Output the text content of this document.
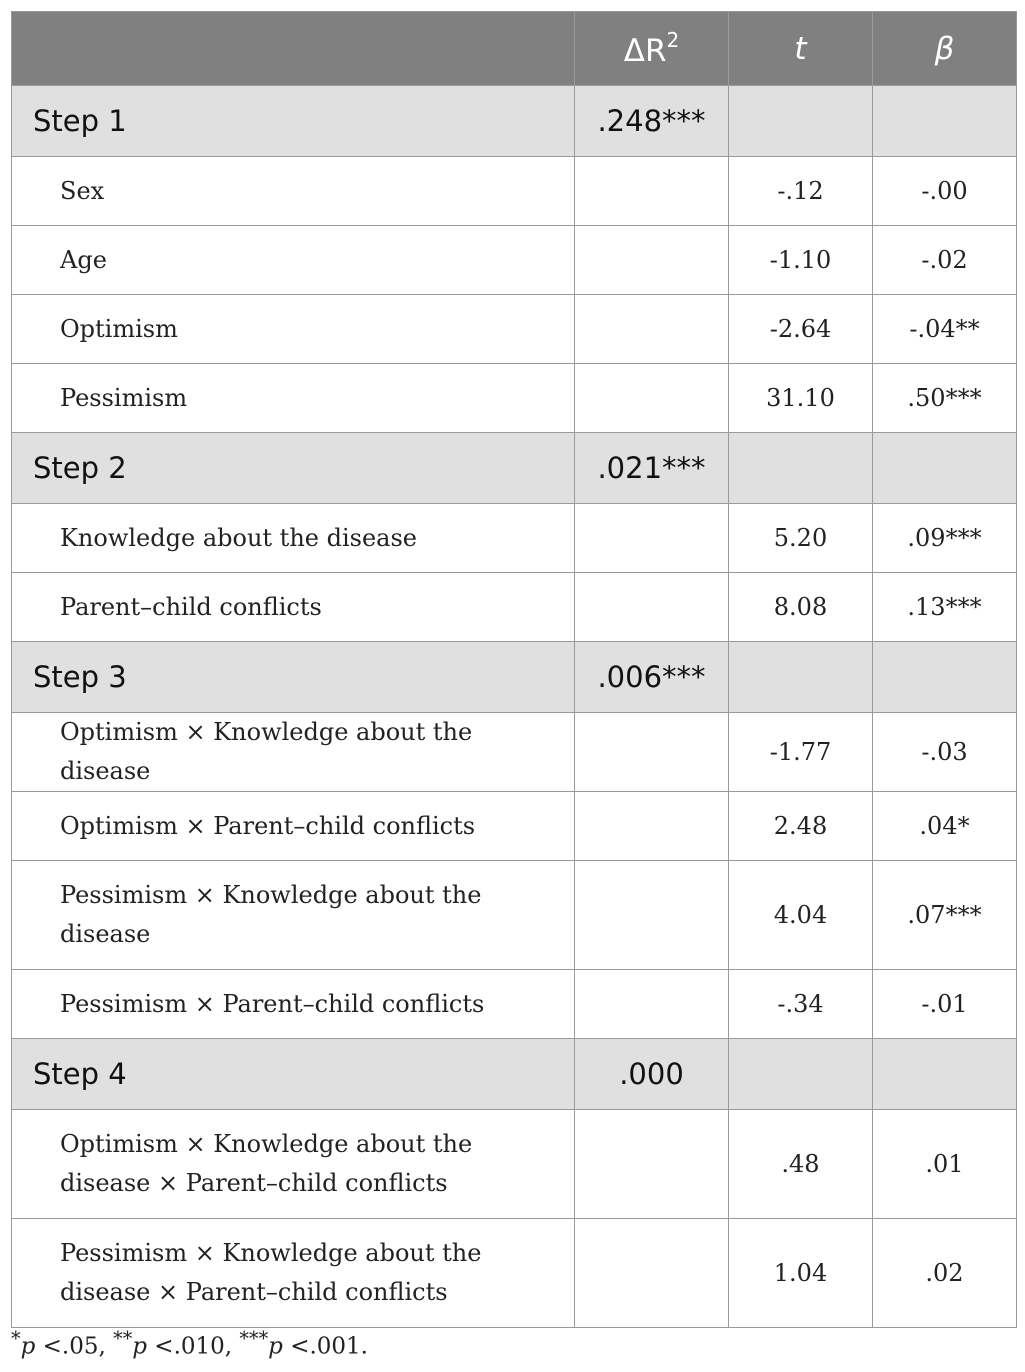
	$\Delta R^2$	t	β
Step 1	.248***		
Sex		-.12	-.00
Age		-1.10	-.02
Optimism		-2.64	-.04**
Pessimism		31.10	.50***
Step 2	.021***		
Knowledge about the disease		5.20	.09***
Parent–child conflicts		8.08	.13***
Step 3	.006***		
Optimism × Knowledge about the disease		-1.77	-.03
Optimism × Parent–child conflicts		2.48	.04*
Pessimism × Knowledge about the disease		4.04	.07***
Pessimism × Parent–child conflicts		-.34	-.01
Step 4	.000		
Optimism × Knowledge about the disease × Parent–child conflicts		.48	.01
Pessimism × Knowledge about the disease × Parent–child conflicts		1.04	.02
*p <.05, **p <.010, ***p <.001.
